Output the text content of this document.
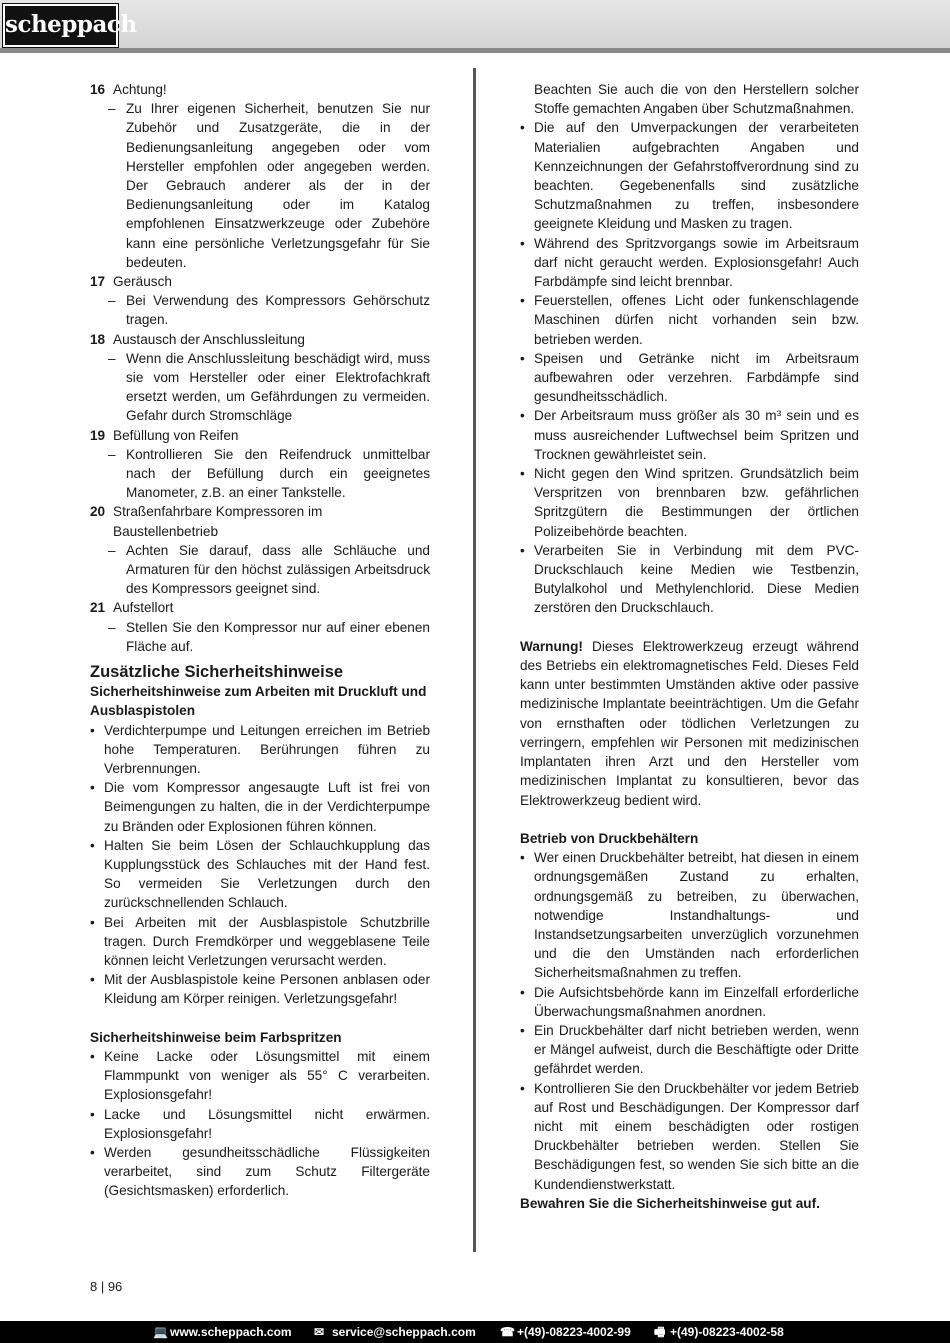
scheppach
16 Achtung!
– Zu Ihrer eigenen Sicherheit, benutzen Sie nur Zubehör und Zusatzgeräte, die in der Bedienungsanleitung angegeben oder vom Hersteller empfohlen oder angegeben werden. Der Gebrauch anderer als der in der Bedienungsanleitung oder im Katalog empfohlenen Einsatzwerkzeuge oder Zubehöre kann eine persönliche Verletzungsgefahr für Sie bedeuten.
17 Geräusch
– Bei Verwendung des Kompressors Gehörschutz tragen.
18 Austausch der Anschlussleitung
– Wenn die Anschlussleitung beschädigt wird, muss sie vom Hersteller oder einer Elektrofachkraft ersetzt werden, um Gefährdungen zu vermeiden. Gefahr durch Stromschläge
19 Befüllung von Reifen
– Kontrollieren Sie den Reifendruck unmittelbar nach der Befüllung durch ein geeignetes Manometer, z.B. an einer Tankstelle.
20 Straßenfahrbare Kompressoren im Baustellenbetrieb
– Achten Sie darauf, dass alle Schläuche und Armaturen für den höchst zulässigen Arbeitsdruck des Kompressors geeignet sind.
21 Aufstellort
– Stellen Sie den Kompressor nur auf einer ebenen Fläche auf.
Zusätzliche Sicherheitshinweise
Sicherheitshinweise zum Arbeiten mit Druckluft und Ausblaspistolen
• Verdichterpumpe und Leitungen erreichen im Betrieb hohe Temperaturen. Berührungen führen zu Verbrennungen.
• Die vom Kompressor angesaugte Luft ist frei von Beimengungen zu halten, die in der Verdichterpumpe zu Bränden oder Explosionen führen können.
• Halten Sie beim Lösen der Schlauchkupplung das Kupplungsstück des Schlauches mit der Hand fest. So vermeiden Sie Verletzungen durch den zurückschnellenden Schlauch.
• Bei Arbeiten mit der Ausblaspistole Schutzbrille tragen. Durch Fremdkörper und weggeblasene Teile können leicht Verletzungen verursacht werden.
• Mit der Ausblaspistole keine Personen anblasen oder Kleidung am Körper reinigen. Verletzungsgefahr!
Sicherheitshinweise beim Farbspritzen
• Keine Lacke oder Lösungsmittel mit einem Flammpunkt von weniger als 55° C verarbeiten. Explosionsgefahr!
• Lacke und Lösungsmittel nicht erwärmen. Explosionsgefahr!
• Werden gesundheitsschädliche Flüssigkeiten verarbeitet, sind zum Schutz Filtergeräte (Gesichtsmasken) erforderlich.
Beachten Sie auch die von den Herstellern solcher Stoffe gemachten Angaben über Schutzmaßnahmen.
• Die auf den Umverpackungen der verarbeiteten Materialien aufgebrachten Angaben und Kennzeichnungen der Gefahrstoffverordnung sind zu beachten. Gegebenenfalls sind zusätzliche Schutzmaßnahmen zu treffen, insbesondere geeignete Kleidung und Masken zu tragen.
• Während des Spritzvorgangs sowie im Arbeitsraum darf nicht geraucht werden. Explosionsgefahr! Auch Farbdämpfe sind leicht brennbar.
• Feuerstellen, offenes Licht oder funkenschlagende Maschinen dürfen nicht vorhanden sein bzw. betrieben werden.
• Speisen und Getränke nicht im Arbeitsraum aufbewahren oder verzehren. Farbdämpfe sind gesundheitsschädlich.
• Der Arbeitsraum muss größer als 30 m³ sein und es muss ausreichender Luftwechsel beim Spritzen und Trocknen gewährleistet sein.
• Nicht gegen den Wind spritzen. Grundsätzlich beim Verspritzen von brennbaren bzw. gefährlichen Spritzgütern die Bestimmungen der örtlichen Polizeibehörde beachten.
• Verarbeiten Sie in Verbindung mit dem PVC-Druckschlauch keine Medien wie Testbenzin, Butylalkohol und Methylenchlorid. Diese Medien zerstören den Druckschlauch.
Warnung! Dieses Elektrowerkzeug erzeugt während des Betriebs ein elektromagnetisches Feld. Dieses Feld kann unter bestimmten Umständen aktive oder passive medizinische Implantate beeinträchtigen. Um die Gefahr von ernsthaften oder tödlichen Verletzungen zu verringern, empfehlen wir Personen mit medizinischen Implantaten ihren Arzt und den Hersteller vom medizinischen Implantat zu konsultieren, bevor das Elektrowerkzeug bedient wird.
Betrieb von Druckbehältern
• Wer einen Druckbehälter betreibt, hat diesen in einem ordnungsgemäßen Zustand zu erhalten, ordnungsgemäß zu betreiben, zu überwachen, notwendige Instandhaltungs- und Instandsetzungsarbeiten unverzüglich vorzunehmen und die den Umständen nach erforderlichen Sicherheitsmaßnahmen zu treffen.
• Die Aufsichtsbehörde kann im Einzelfall erforderliche Überwachungsmaßnahmen anordnen.
• Ein Druckbehälter darf nicht betrieben werden, wenn er Mängel aufweist, durch die Beschäftigte oder Dritte gefährdet werden.
• Kontrollieren Sie den Druckbehälter vor jedem Betrieb auf Rost und Beschädigungen. Der Kompressor darf nicht mit einem beschädigten oder rostigen Druckbehälter betrieben werden. Stellen Sie Beschädigungen fest, so wenden Sie sich bitte an die Kundendienstwerkstatt.
Bewahren Sie die Sicherheitshinweise gut auf.
8 | 96
💻 www.scheppach.com ✉ service@scheppach.com ☎ +(49)-08223-4002-99 🖷 +(49)-08223-4002-58
